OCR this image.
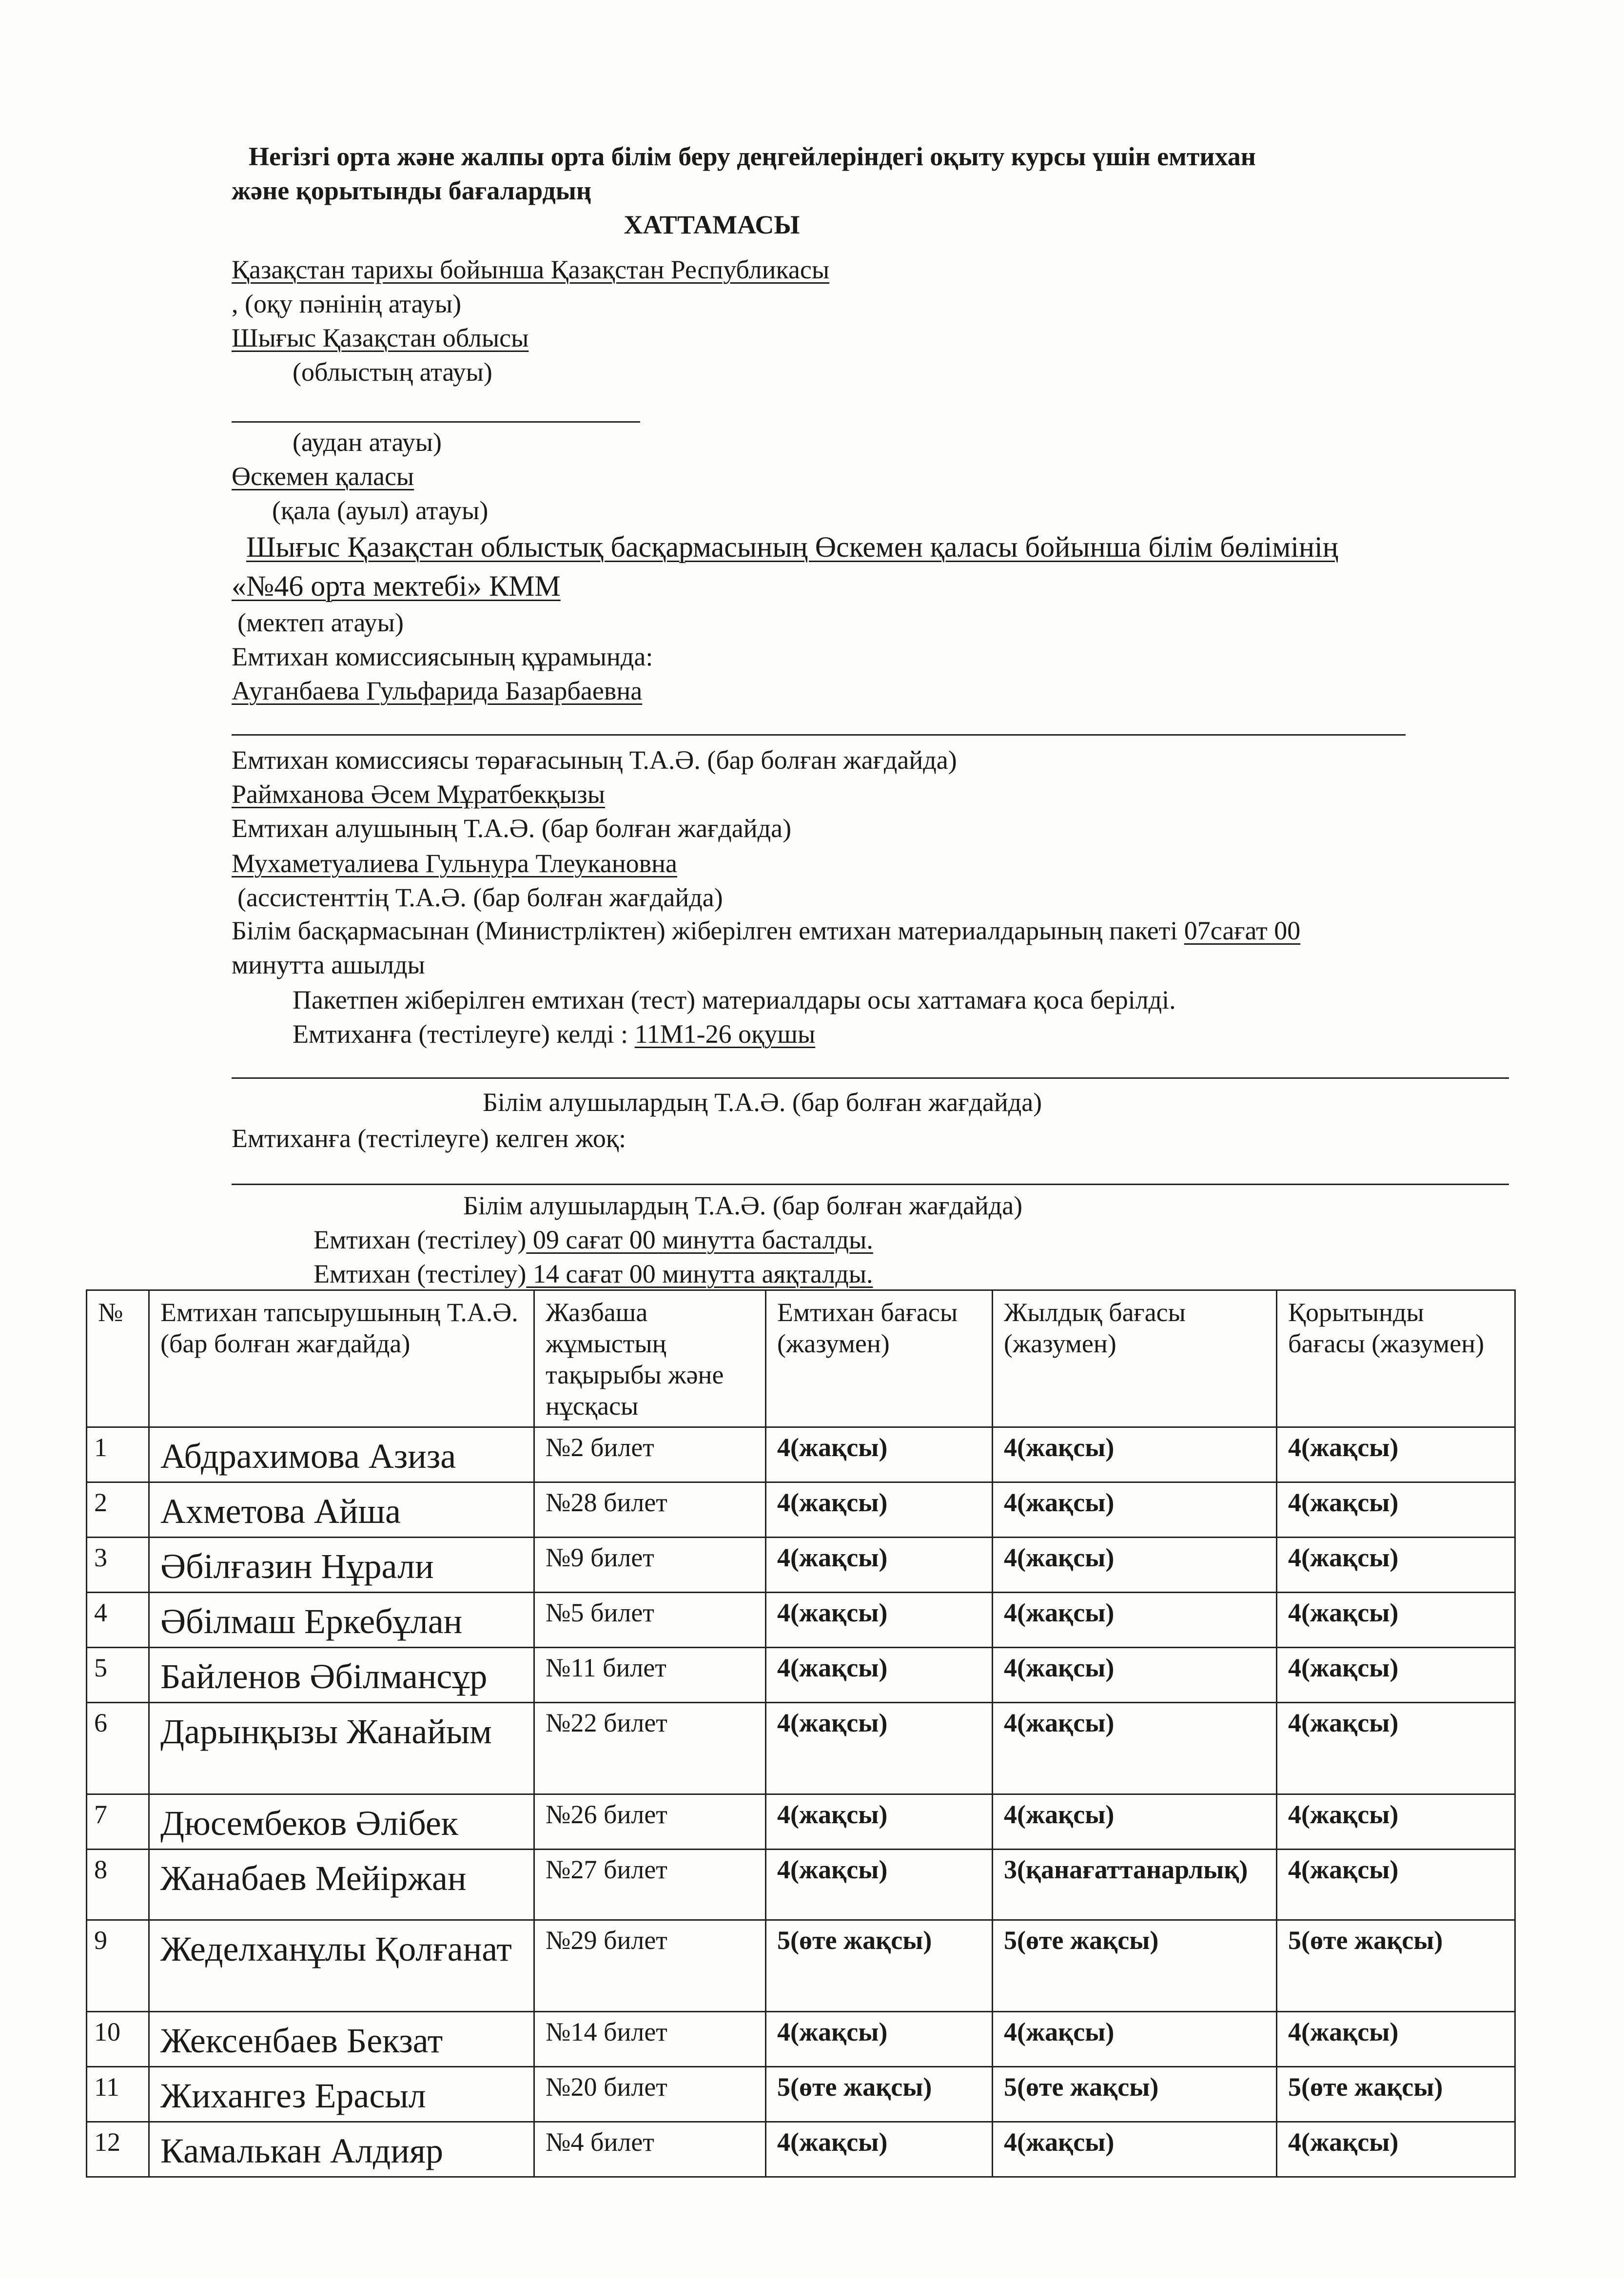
Негізгі орта және жалпы орта білім беру деңгейлеріндегі оқыту курсы үшін емтихан
және қорытынды бағалардың
ХАТТАМАСЫ
Қазақстан тарихы бойынша Қазақстан Республикасы
, (оқу пәнінің атауы)
Шығыс Қазақстан облысы
(облыстың атауы)
(аудан атауы)
Өскемен қаласы
(қала (ауыл) атауы)
Шығыс Қазақстан облыстық басқармасының Өскемен қаласы бойынша білім бөлімінің
«№46 орта мектебі» КММ
(мектеп атауы)
Емтихан комиссиясының құрамында:
Ауганбаева Гульфарида Базарбаевна
Емтихан комиссиясы төрағасының Т.А.Ә. (бар болған жағдайда)
Раймханова Әсем Мұратбекқызы
Емтихан алушының Т.А.Ә. (бар болған жағдайда)
Мухаметуалиева Гульнура Тлеукановна
(ассистенттің Т.А.Ә. (бар болған жағдайда)
Білім басқармасынан (Министрліктен) жіберілген емтихан материалдарының пакеті 07сағат 00
минутта ашылды
Пакетпен жіберілген емтихан (тест) материалдары осы хаттамаға қоса берілді.
Емтиханға (тестілеуге) келді : 11М1-26 оқушы
Білім алушылардың Т.А.Ә. (бар болған жағдайда)
Емтиханға (тестілеуге) келген жоқ:
Білім алушылардың Т.А.Ә. (бар болған жағдайда)
Емтихан (тестілеу) 09 сағат 00 минутта басталды.
Емтихан (тестілеу) 14 сағат 00 минутта аяқталды.
№	Емтихан тапсырушының Т.А.Ә. (бар болған жағдайда)	Жазбаша жұмыстың тақырыбы және нұсқасы	Емтихан бағасы (жазумен)	Жылдық бағасы (жазумен)	Қорытынды бағасы (жазумен)
1	Абдрахимова Азиза	№2 билет	4(жақсы)	4(жақсы)	4(жақсы)
2	Ахметова Айша	№28 билет	4(жақсы)	4(жақсы)	4(жақсы)
3	Әбілғазин Нұрали	№9 билет	4(жақсы)	4(жақсы)	4(жақсы)
4	Әбілмаш Еркебұлан	№5 билет	4(жақсы)	4(жақсы)	4(жақсы)
5	Байленов Әбілмансұр	№11 билет	4(жақсы)	4(жақсы)	4(жақсы)
6	Дарынқызы Жанайым	№22 билет	4(жақсы)	4(жақсы)	4(жақсы)
7	Дюсембеков Әлібек	№26 билет	4(жақсы)	4(жақсы)	4(жақсы)
8	Жанабаев Мейіржан	№27 билет	4(жақсы)	3(қанағаттанарлық)	4(жақсы)
9	Жеделханұлы Қолғанат	№29 билет	5(өте жақсы)	5(өте жақсы)	5(өте жақсы)
10	Жексенбаев Бекзат	№14 билет	4(жақсы)	4(жақсы)	4(жақсы)
11	Жихангез Ерасыл	№20 билет	5(өте жақсы)	5(өте жақсы)	5(өте жақсы)
12	Камалькан Алдияр	№4 билет	4(жақсы)	4(жақсы)	4(жақсы)
